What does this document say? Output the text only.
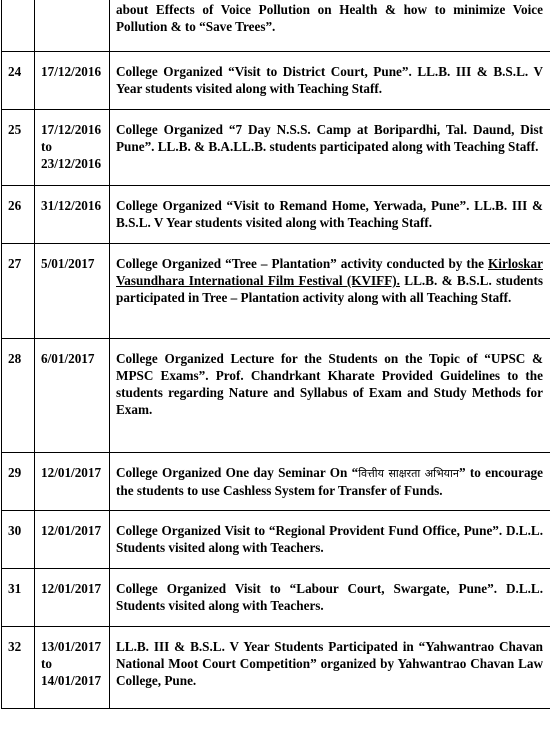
		about Effects of Voice Pollution on Health & how to minimize Voice Pollution & to “Save Trees”.

24	17/12/2016	College Organized “Visit to District Court, Pune”. LL.B. III & B.S.L. V Year students visited along with Teaching Staff.

25	17/12/2016
to
23/12/2016	College Organized “7 Day N.S.S. Camp at Boripardhi, Tal. Daund, Dist Pune”. LL.B. & B.A.LL.B. students participated along with Teaching Staff.

26	31/12/2016	College Organized “Visit to Remand Home, Yerwada, Pune”. LL.B. III & B.S.L. V Year students visited along with Teaching Staff.

27	5/01/2017	College Organized “Tree – Plantation” activity conducted by the Kirloskar Vasundhara International Film Festival (KVIFF). LL.B. & B.S.L. students participated in Tree – Plantation activity along with all Teaching Staff.

28	6/01/2017	College Organized Lecture for the Students on the Topic of “UPSC & MPSC Exams”. Prof. Chandrkant Kharate Provided Guidelines to the students regarding Nature and Syllabus of Exam and Study Methods for Exam.

29	12/01/2017	College Organized One day Seminar On “वित्तीय साक्षरता अभियान” to encourage the students to use Cashless System for Transfer of Funds.

30	12/01/2017	College Organized Visit to “Regional Provident Fund Office, Pune”. D.L.L. Students visited along with Teachers.

31	12/01/2017	College Organized Visit to “Labour Court, Swargate, Pune”. D.L.L. Students visited along with Teachers.

32	13/01/2017
to
14/01/2017	LL.B. III & B.S.L. V Year Students Participated in “Yahwantrao Chavan National Moot Court Competition” organized by Yahwantrao Chavan Law College, Pune.
